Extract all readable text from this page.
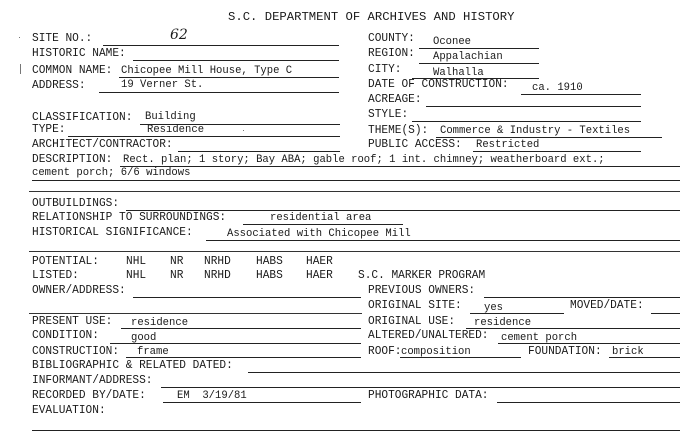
S.C. DEPARTMENT OF ARCHIVES AND HISTORY
SITE NO.:	62
HISTORIC NAME:
COMMON NAME: Chicopee Mill House, Type C
ADDRESS:	19 Verner St.
CLASSIFICATION: Building
TYPE:	Residence
ARCHITECT/CONTRACTOR:
COUNTY: Oconee
REGION: Appalachian
CITY:	Walhalla
DATE OF CONSTRUCTION: ca. 1910
ACREAGE:
STYLE:
THEME(S): Commerce & Industry - Textiles
PUBLIC ACCESS: Restricted
DESCRIPTION: Rect. plan; 1 story; Bay ABA; gable roof; 1 int. chimney; weatherboard ext.;
cement porch; 6/6 windows
OUTBUILDINGS:
RELATIONSHIP TO SURROUNDINGS:	residential area
HISTORICAL SIGNIFICANCE:	Associated with Chicopee Mill
POTENTIAL: NHL NR NRHD HABS HAER
LISTED:	NHL NR NRHD HABS HAER S.C. MARKER PROGRAM
OWNER/ADDRESS:	PREVIOUS OWNERS:
ORIGINAL SITE: yes	MOVED/DATE:
PRESENT USE: residence	ORIGINAL USE: residence
CONDITION:	good	ALTERED/UNALTERED: cement porch
CONSTRUCTION: frame	ROOF: composition	FOUNDATION: brick
BIBLIOGRAPHIC & RELATED DATED:
INFORMANT/ADDRESS:
RECORDED BY/DATE:	EM  3/19/81	PHOTOGRAPHIC DATA:
EVALUATION:
